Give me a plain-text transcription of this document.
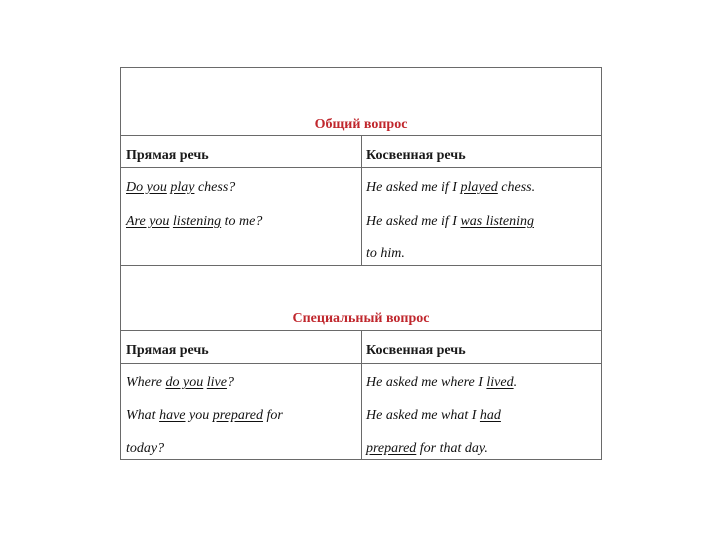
Общий вопрос
Прямая речь	Косвенная речь
Do you play chess?
Are you listening to me?
He asked me if I played chess.
He asked me if I was listening
to him.
Специальный вопрос
Прямая речь	Косвенная речь
Where do you live?
What have you prepared for
today?
He asked me where I lived.
He asked me what I had
prepared for that day.
